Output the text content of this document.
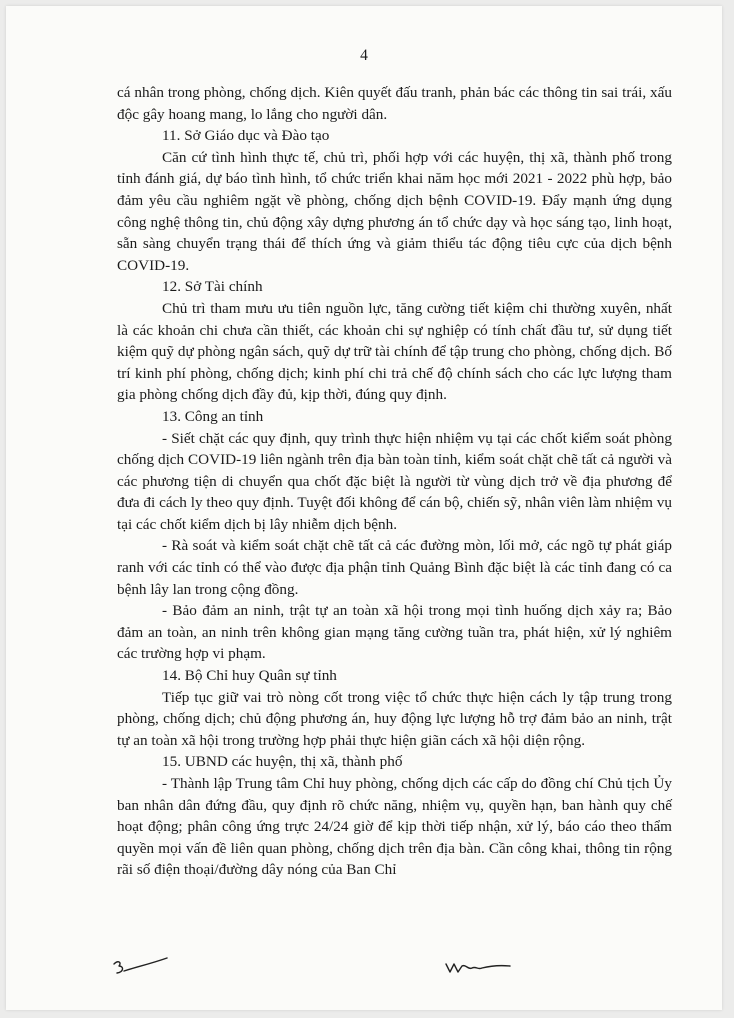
4

cá nhân trong phòng, chống dịch. Kiên quyết đấu tranh, phản bác các thông tin sai trái, xấu độc gây hoang mang, lo lắng cho người dân.

11. Sở Giáo dục và Đào tạo

Căn cứ tình hình thực tế, chủ trì, phối hợp với các huyện, thị xã, thành phố trong tỉnh đánh giá, dự báo tình hình, tổ chức triển khai năm học mới 2021 - 2022 phù hợp, bảo đảm yêu cầu nghiêm ngặt về phòng, chống dịch bệnh COVID-19. Đẩy mạnh ứng dụng công nghệ thông tin, chủ động xây dựng phương án tổ chức dạy và học sáng tạo, linh hoạt, sẵn sàng chuyển trạng thái để thích ứng và giảm thiểu tác động tiêu cực của dịch bệnh COVID-19.

12. Sở Tài chính

Chủ trì tham mưu ưu tiên nguồn lực, tăng cường tiết kiệm chi thường xuyên, nhất là các khoản chi chưa cần thiết, các khoản chi sự nghiệp có tính chất đầu tư, sử dụng tiết kiệm quỹ dự phòng ngân sách, quỹ dự trữ tài chính để tập trung cho phòng, chống dịch. Bố trí kinh phí phòng, chống dịch; kinh phí chi trả chế độ chính sách cho các lực lượng tham gia phòng chống dịch đầy đủ, kịp thời, đúng quy định.

13. Công an tỉnh

- Siết chặt các quy định, quy trình thực hiện nhiệm vụ tại các chốt kiểm soát phòng chống dịch COVID-19 liên ngành trên địa bàn toàn tỉnh, kiểm soát chặt chẽ tất cả người và các phương tiện di chuyển qua chốt đặc biệt là người từ vùng dịch trở về địa phương để đưa đi cách ly theo quy định. Tuyệt đối không để cán bộ, chiến sỹ, nhân viên làm nhiệm vụ tại các chốt kiểm dịch bị lây nhiễm dịch bệnh.

- Rà soát và kiểm soát chặt chẽ tất cả các đường mòn, lối mở, các ngõ tự phát giáp ranh với các tỉnh có thể vào được địa phận tỉnh Quảng Bình đặc biệt là các tỉnh đang có ca bệnh lây lan trong cộng đồng.

- Bảo đảm an ninh, trật tự an toàn xã hội trong mọi tình huống dịch xảy ra; Bảo đảm an toàn, an ninh trên không gian mạng tăng cường tuần tra, phát hiện, xử lý nghiêm các trường hợp vi phạm.

14. Bộ Chỉ huy Quân sự tỉnh

Tiếp tục giữ vai trò nòng cốt trong việc tổ chức thực hiện cách ly tập trung trong phòng, chống dịch; chủ động phương án, huy động lực lượng hỗ trợ đảm bảo an ninh, trật tự an toàn xã hội trong trường hợp phải thực hiện giãn cách xã hội diện rộng.

15. UBND các huyện, thị xã, thành phố

- Thành lập Trung tâm Chỉ huy phòng, chống dịch các cấp do đồng chí Chủ tịch Ủy ban nhân dân đứng đầu, quy định rõ chức năng, nhiệm vụ, quyền hạn, ban hành quy chế hoạt động; phân công ứng trực 24/24 giờ để kịp thời tiếp nhận, xử lý, báo cáo theo thẩm quyền mọi vấn đề liên quan phòng, chống dịch trên địa bàn. Cần công khai, thông tin rộng rãi số điện thoại/đường dây nóng của Ban Chỉ
